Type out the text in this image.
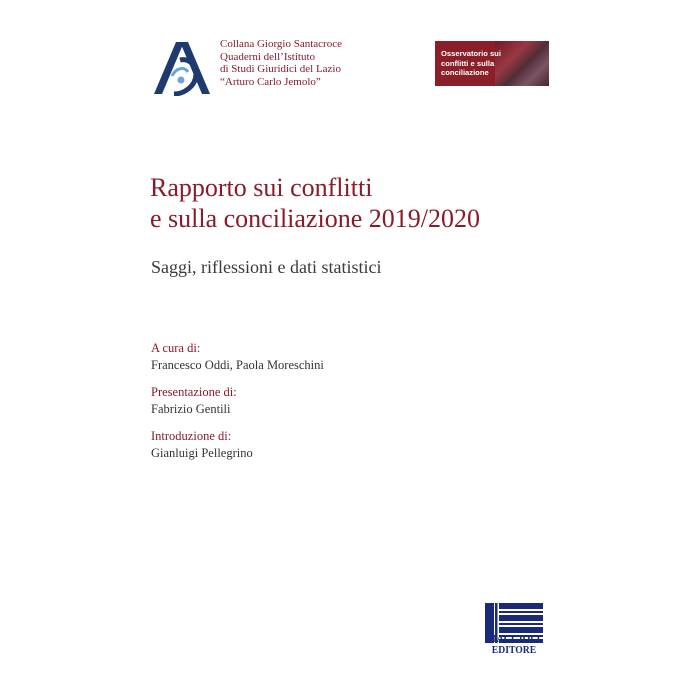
Collana Giorgio Santacroce
Quaderni dell’Istituto
di Studi Giuridici del Lazio
“Arturo Carlo Jemolo”
Osservatorio sui
conflitti e sulla
conciliazione
Rapporto sui conflitti
e sulla conciliazione 2019/2020
Saggi, riflessioni e dati statistici
A cura di:
Francesco Oddi, Paola Moreschini
Presentazione di:
Fabrizio Gentili
Introduzione di:
Gianluigi Pellegrino
MAGGIOLI
EDITORE
